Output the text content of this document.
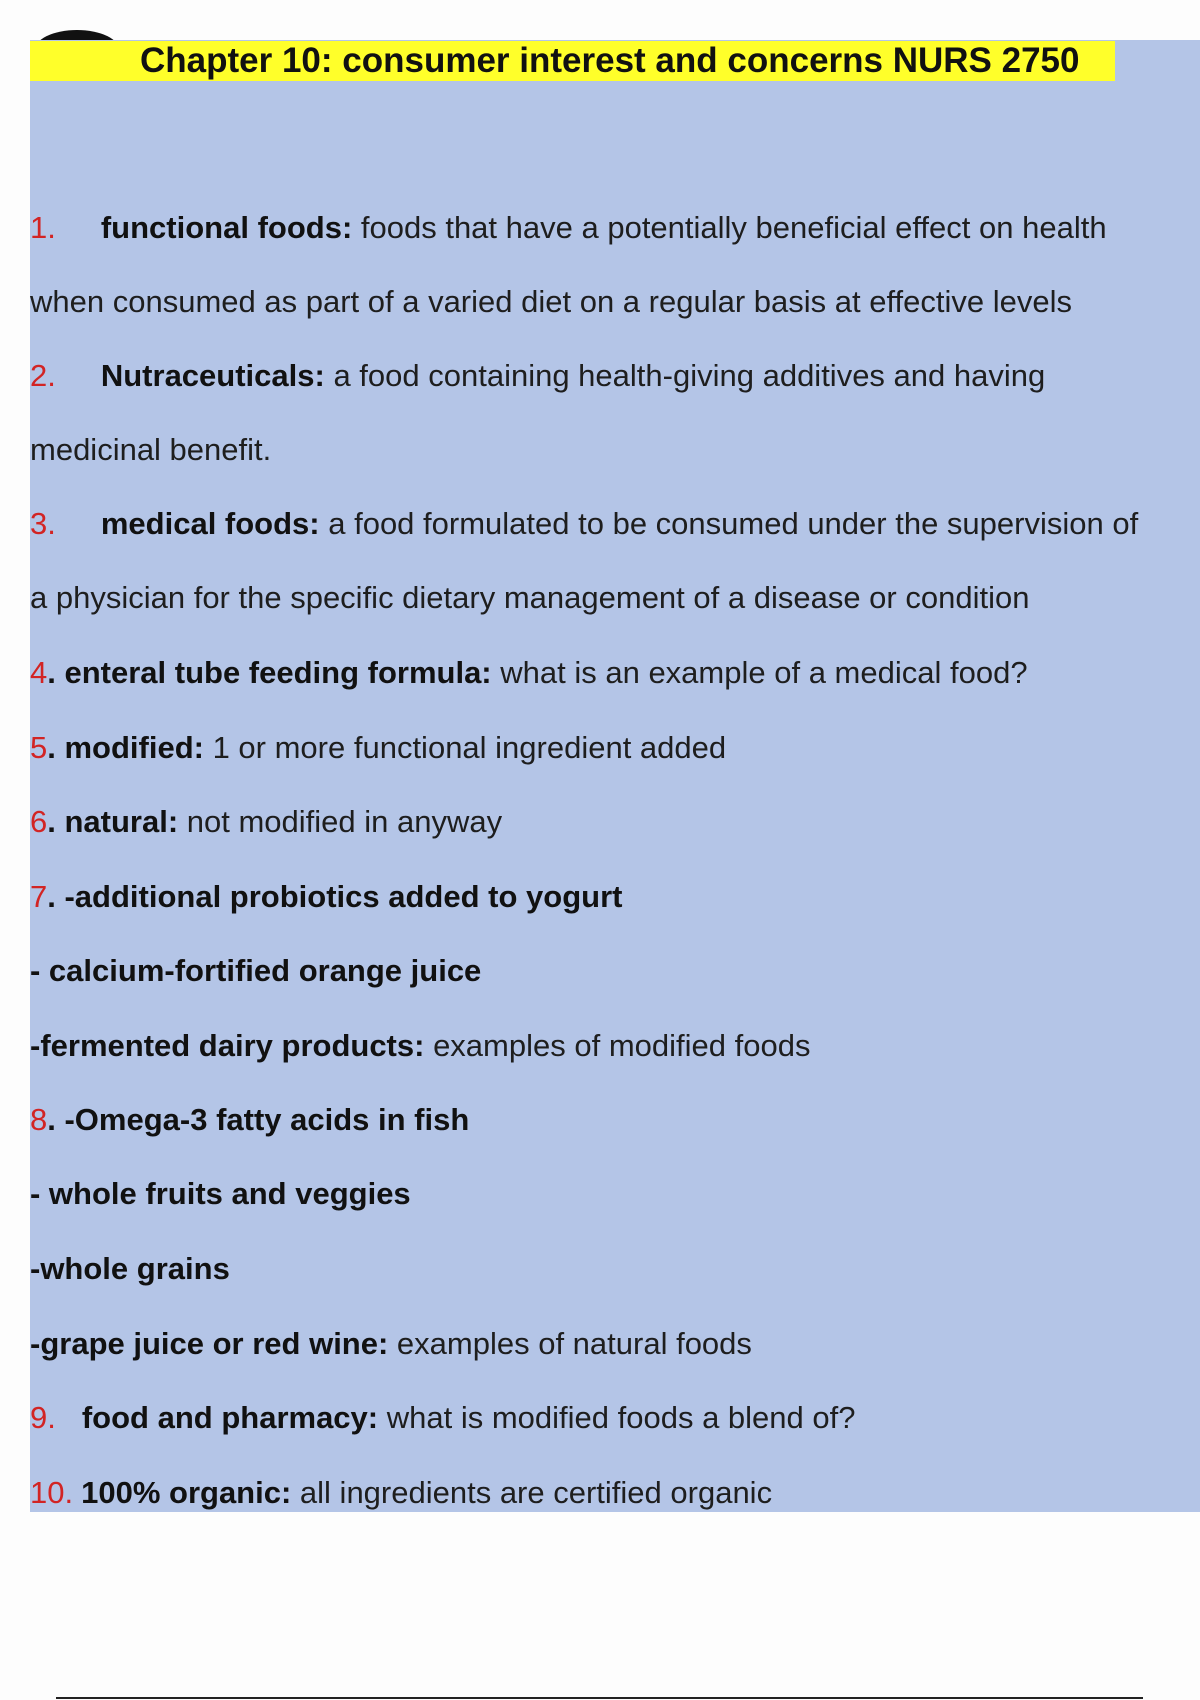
Chapter 10: consumer interest and concerns NURS 2750
1. functional foods: foods that have a potentially beneficial effect on health
when consumed as part of a varied diet on a regular basis at effective levels
2. Nutraceuticals: a food containing health-giving additives and having
medicinal benefit.
3. medical foods: a food formulated to be consumed under the supervision of
a physician for the specific dietary management of a disease or condition
4. enteral tube feeding formula: what is an example of a medical food?
5. modified: 1 or more functional ingredient added
6. natural: not modified in anyway
7. -additional probiotics added to yogurt
- calcium-fortified orange juice
-fermented dairy products: examples of modified foods
8. -Omega-3 fatty acids in fish
- whole fruits and veggies
-whole grains
-grape juice or red wine: examples of natural foods
9. food and pharmacy: what is modified foods a blend of?
10. 100% organic: all ingredients are certified organic
